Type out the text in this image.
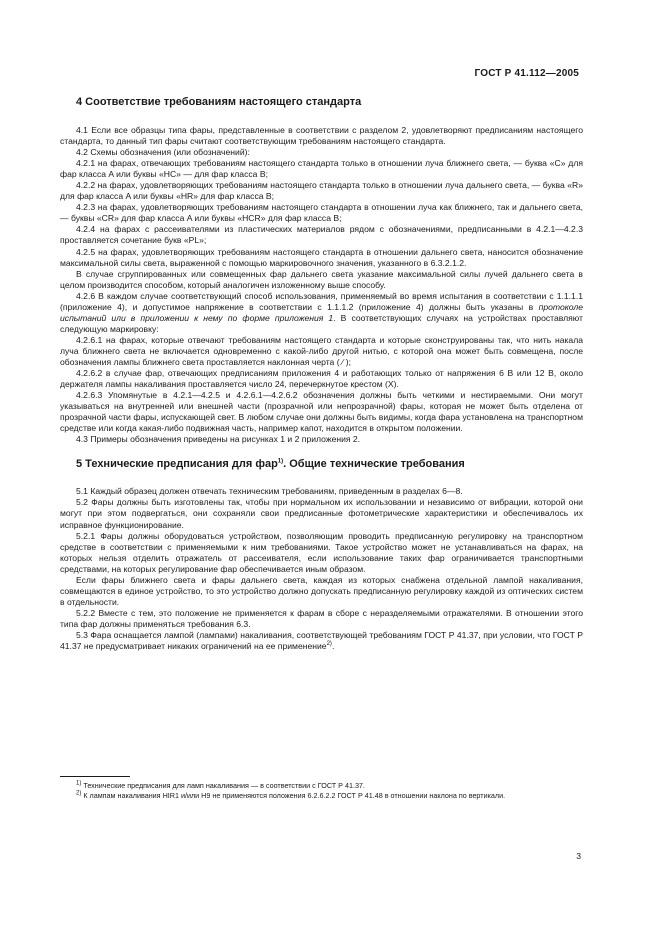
ГОСТ Р 41.112—2005
4 Соответствие требованиям настоящего стандарта

4.1 Если все образцы типа фары, представленные в соответствии с разделом 2, удовлетворяют предписаниям настоящего стандарта, то данный тип фары считают соответствующим требованиям настоящего стандарта.

4.2 Схемы обозначения (или обозначений):

4.2.1 на фарах, отвечающих требованиям настоящего стандарта только в отношении луча ближнего света, — буква «C» для фар класса A или буквы «HC» — для фар класса B;

4.2.2 на фарах, удовлетворяющих требованиям настоящего стандарта только в отношении луча дальнего света, — буква «R» для фар класса A или буквы «HR» для фар класса B;

4.2.3 на фарах, удовлетворяющих требованиям настоящего стандарта в отношении луча как ближнего, так и дальнего света, — буквы «CR» для фар класса A или буквы «HCR» для фар класса B;

4.2.4 на фарах с рассеивателями из пластических материалов рядом с обозначениями, предписанными в 4.2.1—4.2.3 проставляется сочетание букв «PL»;

4.2.5 на фарах, удовлетворяющих требованиям настоящего стандарта в отношении дальнего света, наносится обозначение максимальной силы света, выраженной с помощью маркировочного значения, указанного в 6.3.2.1.2.

В случае сгруппированных или совмещенных фар дальнего света указание максимальной силы лучей дальнего света в целом производится способом, который аналогичен изложенному выше способу.

4.2.6 В каждом случае соответствующий способ использования, применяемый во время испытания в соответствии с 1.1.1.1 (приложение 4), и допустимое напряжение в соответствии с 1.1.1.2 (приложение 4) должны быть указаны в протоколе испытаний или в приложении к нему по форме приложения 1. В соответствующих случаях на устройствах проставляют следующую маркировку:

4.2.6.1 на фарах, которые отвечают требованиям настоящего стандарта и которые сконструированы так, что нить накала луча ближнего света не включается одновременно с какой-либо другой нитью, с которой она может быть совмещена, после обозначения лампы ближнего света проставляется наклонная черта ( ⁄ );

4.2.6.2 в случае фар, отвечающих предписаниям приложения 4 и работающих только от напряжения 6 В или 12 В, около держателя лампы накаливания проставляется число 24, перечеркнутое крестом (X).

4.2.6.3 Упомянутые в 4.2.1—4.2.5 и 4.2.6.1—4.2.6.2 обозначения должны быть четкими и нестираемыми. Они могут указываться на внутренней или внешней части (прозрачной или непрозрачной) фары, которая не может быть отделена от прозрачной части фары, испускающей свет. В любом случае они должны быть видимы, когда фара установлена на транспортном средстве или когда какая-либо подвижная часть, например капот, находится в открытом положении.

4.3 Примеры обозначения приведены на рисунках 1 и 2 приложения 2.

5 Технические предписания для фар$^{1)}$. Общие технические требования

5.1 Каждый образец должен отвечать техническим требованиям, приведенным в разделах 6—8.

5.2 Фары должны быть изготовлены так, чтобы при нормальном их использовании и независимо от вибрации, которой они могут при этом подвергаться, они сохраняли свои предписанные фотометрические характеристики и обеспечивалось их исправное функционирование.

5.2.1 Фары должны оборудоваться устройством, позволяющим проводить предписанную регулировку на транспортном средстве в соответствии с применяемыми к ним требованиями. Такое устройство может не устанавливаться на фарах, на которых нельзя отделить отражатель от рассеивателя, если использование таких фар ограничивается транспортными средствами, на которых регулирование фар обеспечивается иным образом.

Если фары ближнего света и фары дальнего света, каждая из которых снабжена отдельной лампой накаливания, совмещаются в единое устройство, то это устройство должно допускать предписанную регулировку каждой из оптических систем в отдельности.

5.2.2 Вместе с тем, это положение не применяется к фарам в сборе с неразделяемыми отражателями. В отношении этого типа фар должны применяться требования 6.3.

5.3 Фара оснащается лампой (лампами) накаливания, соответствующей требованиям ГОСТ Р 41.37, при условии, что ГОСТ Р 41.37 не предусматривает никаких ограничений на ее применение$^{2)}$.

$^{1)}$ Технические предписания для ламп накаливания — в соответствии с ГОСТ Р 41.37.

$^{2)}$ К лампам накаливания HIR1 и/или H9 не применяются положения 6.2.6.2.2 ГОСТ Р 41.48 в отношении наклона по вертикали.

3
